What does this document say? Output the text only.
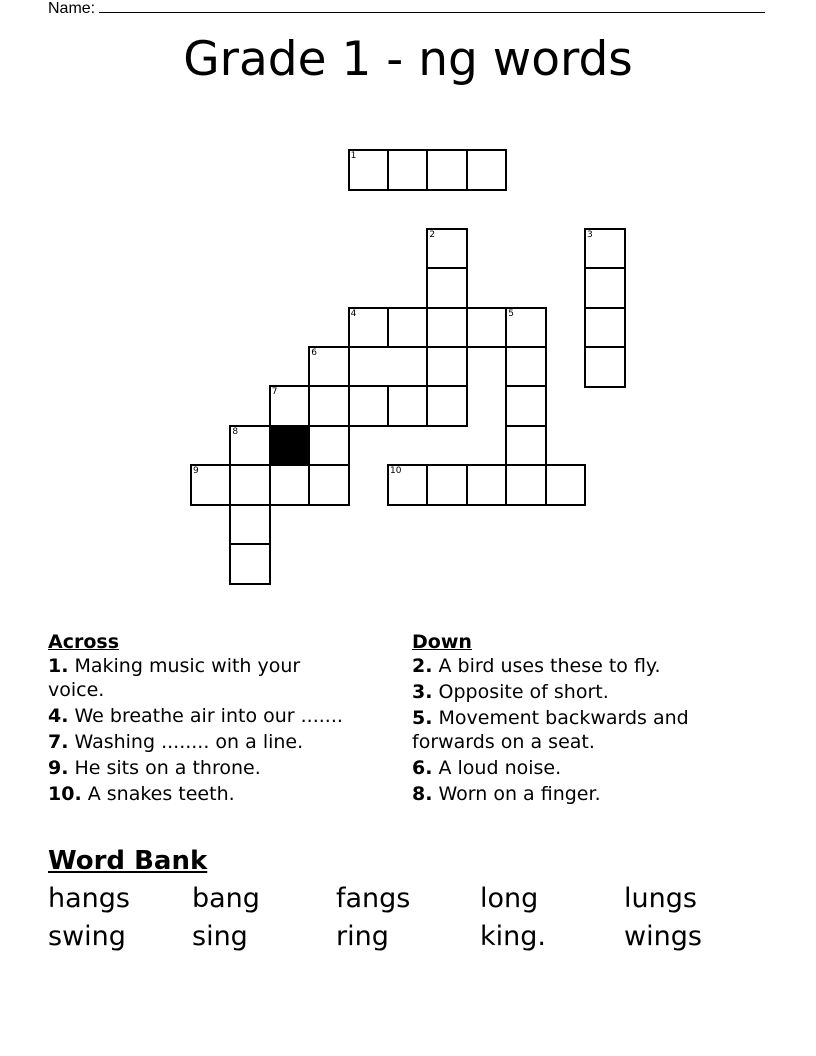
Name:
Grade 1 - ng words
1
2	3
4	5
6
7
8
9	10
Across
1. Making music with your voice.
4. We breathe air into our .......
7. Washing ........ on a line.
9. He sits on a throne.
10. A snakes teeth.
Down
2. A bird uses these to fly.
3. Opposite of short.
5. Movement backwards and forwards on a seat.
6. A loud noise.
8. Worn on a finger.
Word Bank
hangs	bang	fangs	long	lungs
swing	sing	ring	king.	wings
